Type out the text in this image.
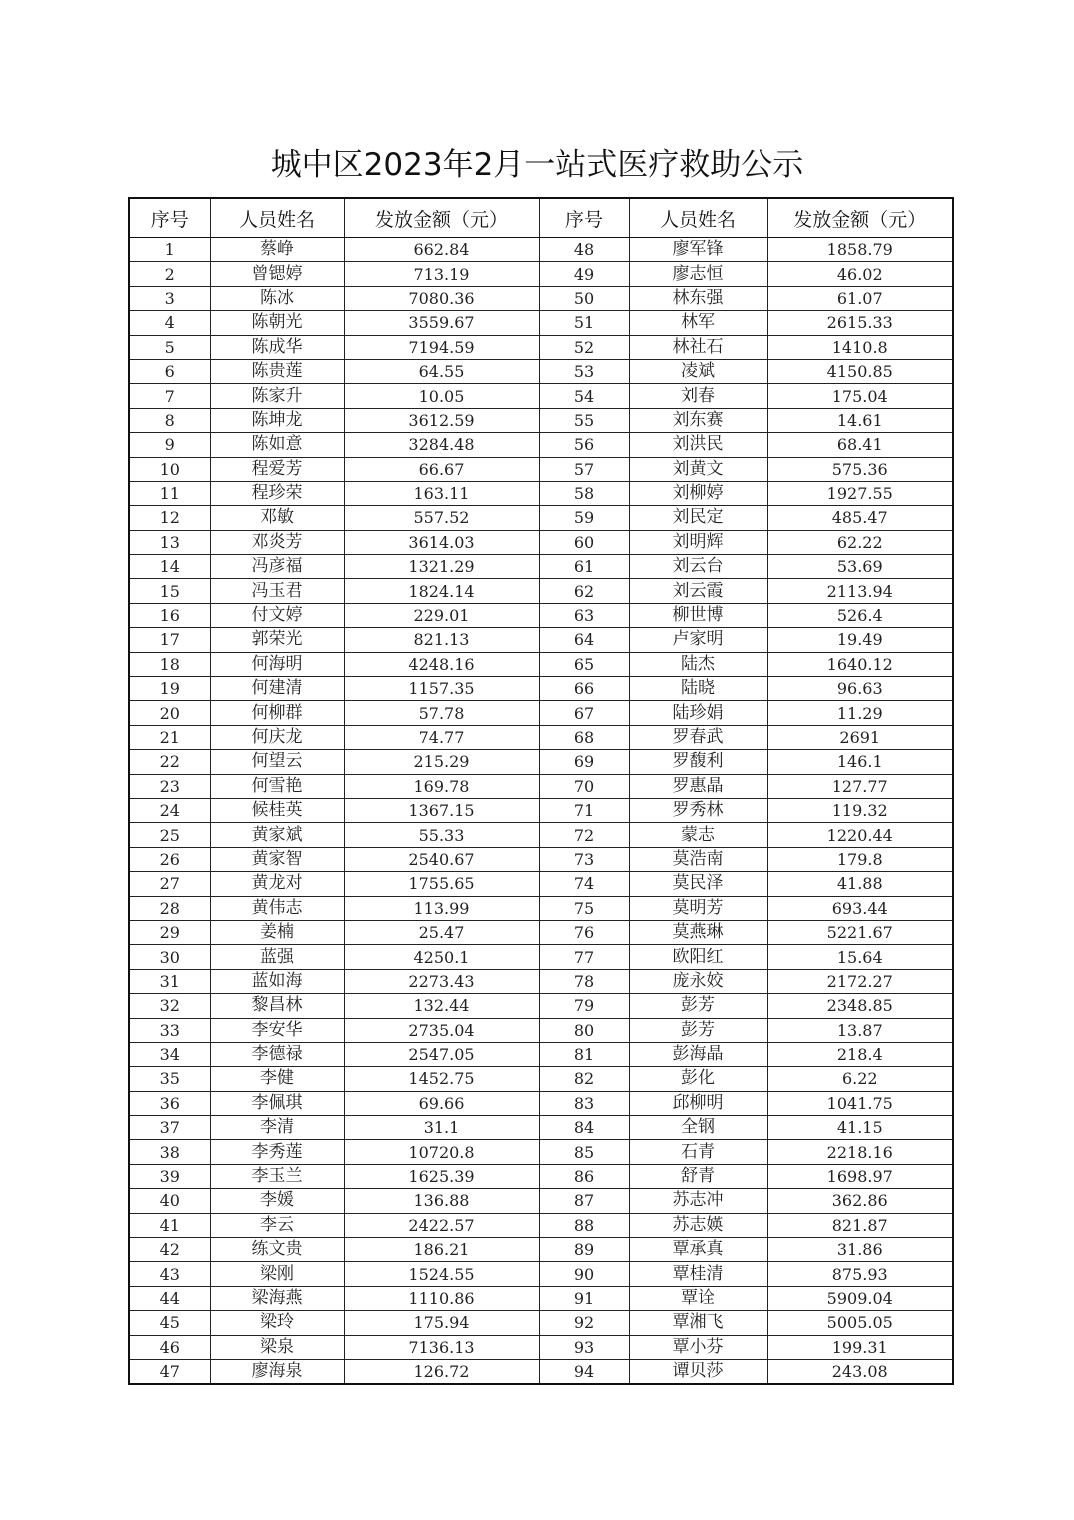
城中区2023年2月一站式医疗救助公示
序号	人员姓名	发放金额（元）	序号	人员姓名	发放金额（元）
1	蔡峥	662.84	48	廖军锋	1858.79
2	曾锶婷	713.19	49	廖志恒	46.02
3	陈冰	7080.36	50	林东强	61.07
4	陈朝光	3559.67	51	林军	2615.33
5	陈成华	7194.59	52	林社石	1410.8
6	陈贵莲	64.55	53	凌斌	4150.85
7	陈家升	10.05	54	刘春	175.04
8	陈坤龙	3612.59	55	刘东赛	14.61
9	陈如意	3284.48	56	刘洪民	68.41
10	程爱芳	66.67	57	刘黄文	575.36
11	程珍荣	163.11	58	刘柳婷	1927.55
12	邓敏	557.52	59	刘民定	485.47
13	邓炎芳	3614.03	60	刘明辉	62.22
14	冯彦福	1321.29	61	刘云台	53.69
15	冯玉君	1824.14	62	刘云霞	2113.94
16	付文婷	229.01	63	柳世博	526.4
17	郭荣光	821.13	64	卢家明	19.49
18	何海明	4248.16	65	陆杰	1640.12
19	何建清	1157.35	66	陆晓	96.63
20	何柳群	57.78	67	陆珍娟	11.29
21	何庆龙	74.77	68	罗春武	2691
22	何望云	215.29	69	罗馥利	146.1
23	何雪艳	169.78	70	罗惠晶	127.77
24	候桂英	1367.15	71	罗秀林	119.32
25	黄家斌	55.33	72	蒙志	1220.44
26	黄家智	2540.67	73	莫浩南	179.8
27	黄龙对	1755.65	74	莫民泽	41.88
28	黄伟志	113.99	75	莫明芳	693.44
29	姜楠	25.47	76	莫燕琳	5221.67
30	蓝强	4250.1	77	欧阳红	15.64
31	蓝如海	2273.43	78	庞永姣	2172.27
32	黎昌林	132.44	79	彭芳	2348.85
33	李安华	2735.04	80	彭芳	13.87
34	李德禄	2547.05	81	彭海晶	218.4
35	李健	1452.75	82	彭化	6.22
36	李佩琪	69.66	83	邱柳明	1041.75
37	李清	31.1	84	全钢	41.15
38	李秀莲	10720.8	85	石青	2218.16
39	李玉兰	1625.39	86	舒青	1698.97
40	李媛	136.88	87	苏志冲	362.86
41	李云	2422.57	88	苏志媖	821.87
42	练文贵	186.21	89	覃承真	31.86
43	梁刚	1524.55	90	覃桂清	875.93
44	梁海燕	1110.86	91	覃诠	5909.04
45	梁玲	175.94	92	覃湘飞	5005.05
46	梁泉	7136.13	93	覃小芬	199.31
47	廖海泉	126.72	94	谭贝莎	243.08
